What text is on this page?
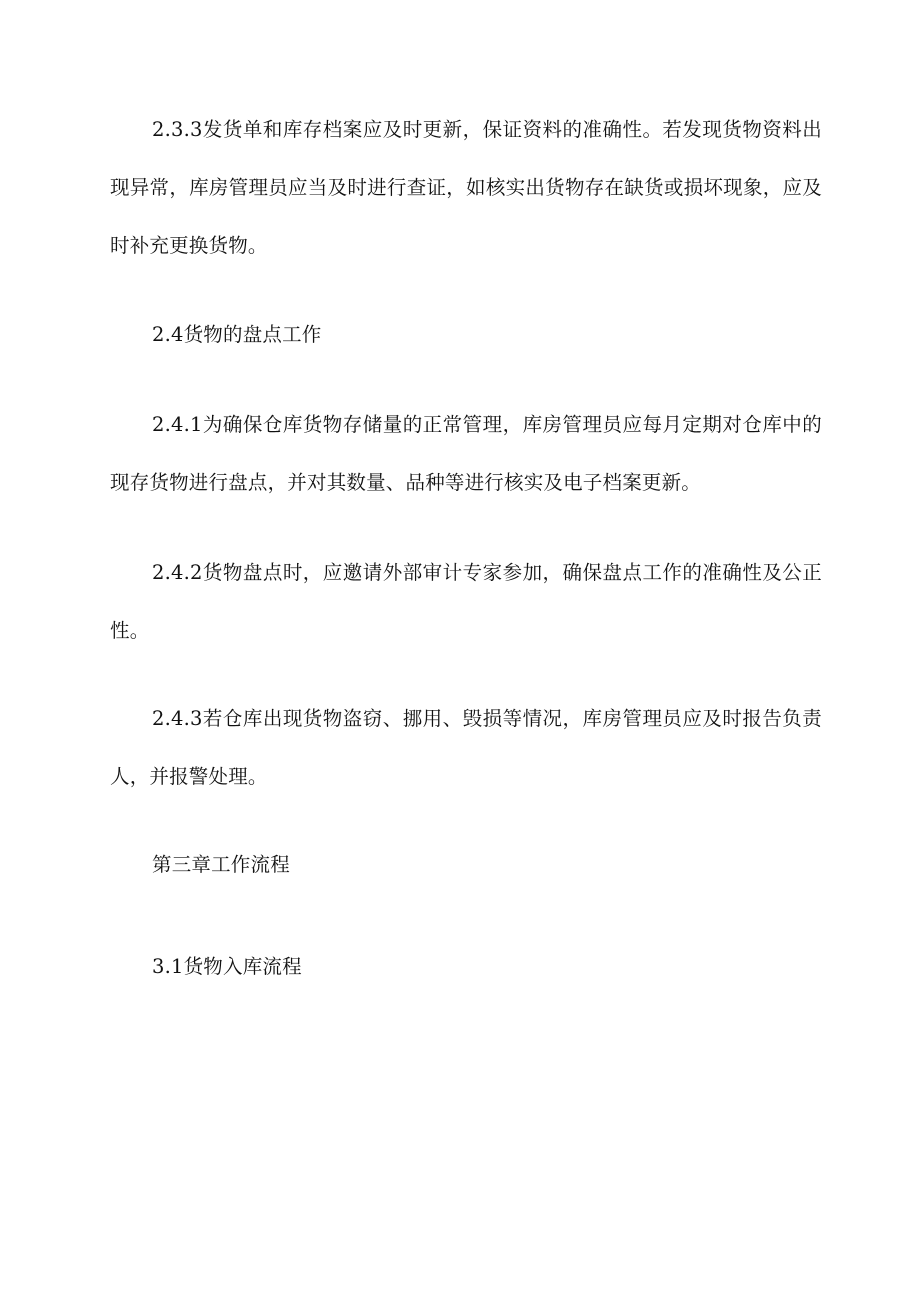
2.3.3发货单和库存档案应及时更新，保证资料的准确性。若发现货物资料出现异常，库房管理员应当及时进行查证，如核实出货物存在缺货或损坏现象，应及时补充更换货物。

2.4货物的盘点工作

2.4.1为确保仓库货物存储量的正常管理，库房管理员应每月定期对仓库中的现存货物进行盘点，并对其数量、品种等进行核实及电子档案更新。

2.4.2货物盘点时，应邀请外部审计专家参加，确保盘点工作的准确性及公正性。

2.4.3若仓库出现货物盗窃、挪用、毁损等情况，库房管理员应及时报告负责人，并报警处理。

第三章工作流程

3.1货物入库流程
